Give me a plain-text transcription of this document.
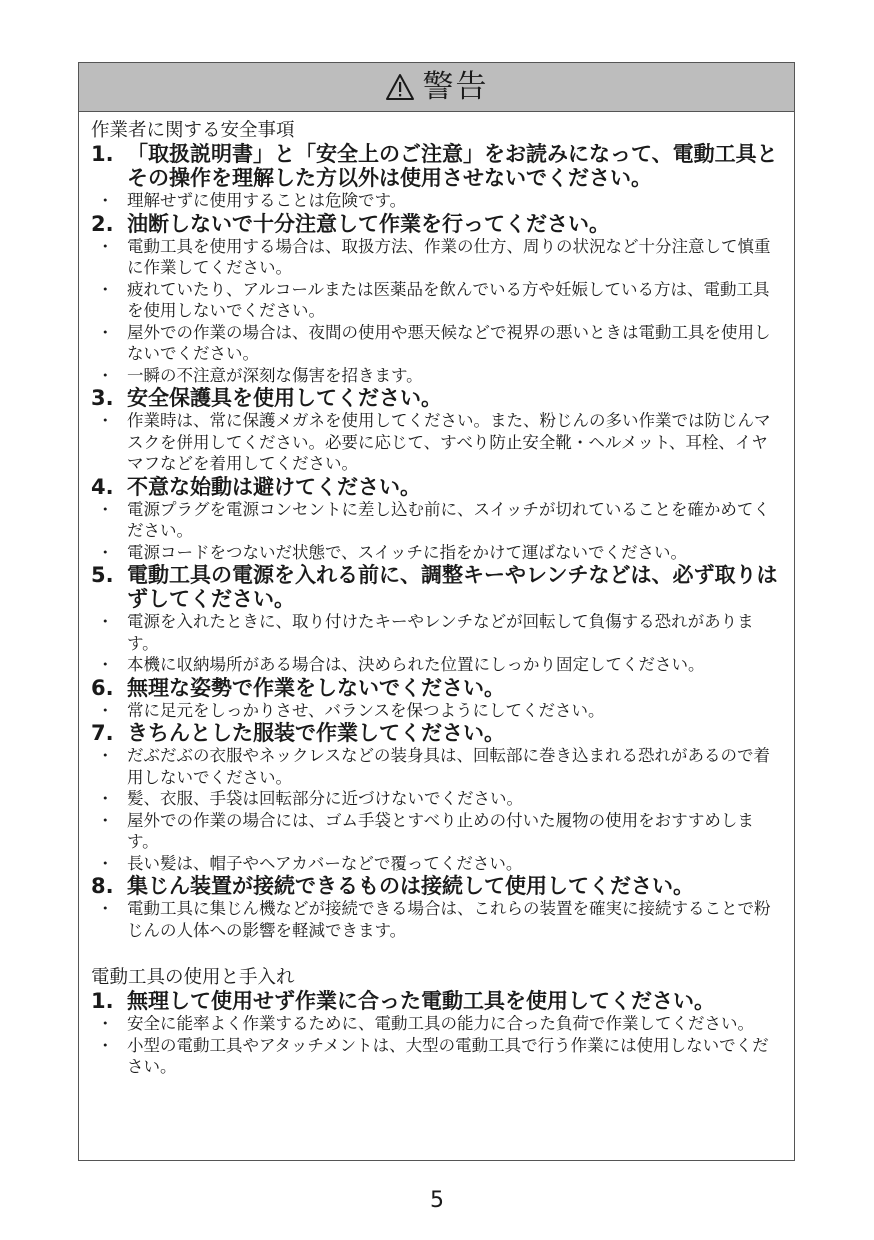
警告
作業者に関する安全事項
1. 「取扱説明書」と「安全上のご注意」をお読みになって、電動工具とその操作を理解した方以外は使用させないでください。
・ 理解せずに使用することは危険です。
2. 油断しないで十分注意して作業を行ってください。
・ 電動工具を使用する場合は、取扱方法、作業の仕方、周りの状況など十分注意して慎重に作業してください。
・ 疲れていたり、アルコールまたは医薬品を飲んでいる方や妊娠している方は、電動工具を使用しないでください。
・ 屋外での作業の場合は、夜間の使用や悪天候などで視界の悪いときは電動工具を使用しないでください。
・ 一瞬の不注意が深刻な傷害を招きます。
3. 安全保護具を使用してください。
・ 作業時は、常に保護メガネを使用してください。また、粉じんの多い作業では防じんマスクを併用してください。必要に応じて、すべり防止安全靴・ヘルメット、耳栓、イヤマフなどを着用してください。
4. 不意な始動は避けてください。
・ 電源プラグを電源コンセントに差し込む前に、スイッチが切れていることを確かめてください。
・ 電源コードをつないだ状態で、スイッチに指をかけて運ばないでください。
5. 電動工具の電源を入れる前に、調整キーやレンチなどは、必ず取りはずしてください。
・ 電源を入れたときに、取り付けたキーやレンチなどが回転して負傷する恐れがあります。
・ 本機に収納場所がある場合は、決められた位置にしっかり固定してください。
6. 無理な姿勢で作業をしないでください。
・ 常に足元をしっかりさせ、バランスを保つようにしてください。
7. きちんとした服装で作業してください。
・ だぶだぶの衣服やネックレスなどの装身具は、回転部に巻き込まれる恐れがあるので着用しないでください。
・ 髪、衣服、手袋は回転部分に近づけないでください。
・ 屋外での作業の場合には、ゴム手袋とすべり止めの付いた履物の使用をおすすめします。
・ 長い髪は、帽子やヘアカバーなどで覆ってください。
8. 集じん装置が接続できるものは接続して使用してください。
・ 電動工具に集じん機などが接続できる場合は、これらの装置を確実に接続することで粉じんの人体への影響を軽減できます。
電動工具の使用と手入れ
1. 無理して使用せず作業に合った電動工具を使用してください。
・ 安全に能率よく作業するために、電動工具の能力に合った負荷で作業してください。
・ 小型の電動工具やアタッチメントは、大型の電動工具で行う作業には使用しないでください。
5
